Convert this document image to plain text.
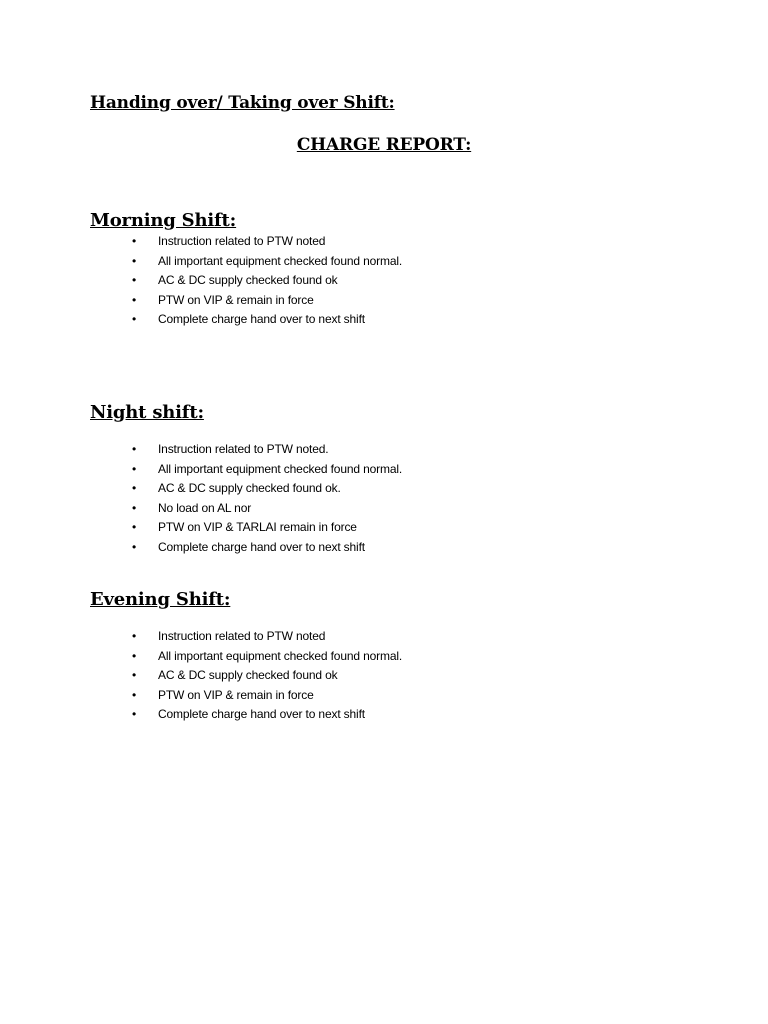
Handing over/ Taking over Shift:
CHARGE REPORT:
Morning Shift:
• Instruction related to PTW noted
• All important equipment checked found normal.
• AC & DC supply checked found ok
• PTW on VIP & remain in force
• Complete charge hand over to next shift
Night shift:
• Instruction related to PTW noted.
• All important equipment checked found normal.
• AC & DC supply checked found ok.
• No load on AL nor
• PTW on VIP & TARLAI remain in force
• Complete charge hand over to next shift
Evening Shift:
• Instruction related to PTW noted
• All important equipment checked found normal.
• AC & DC supply checked found ok
• PTW on VIP & remain in force
• Complete charge hand over to next shift
